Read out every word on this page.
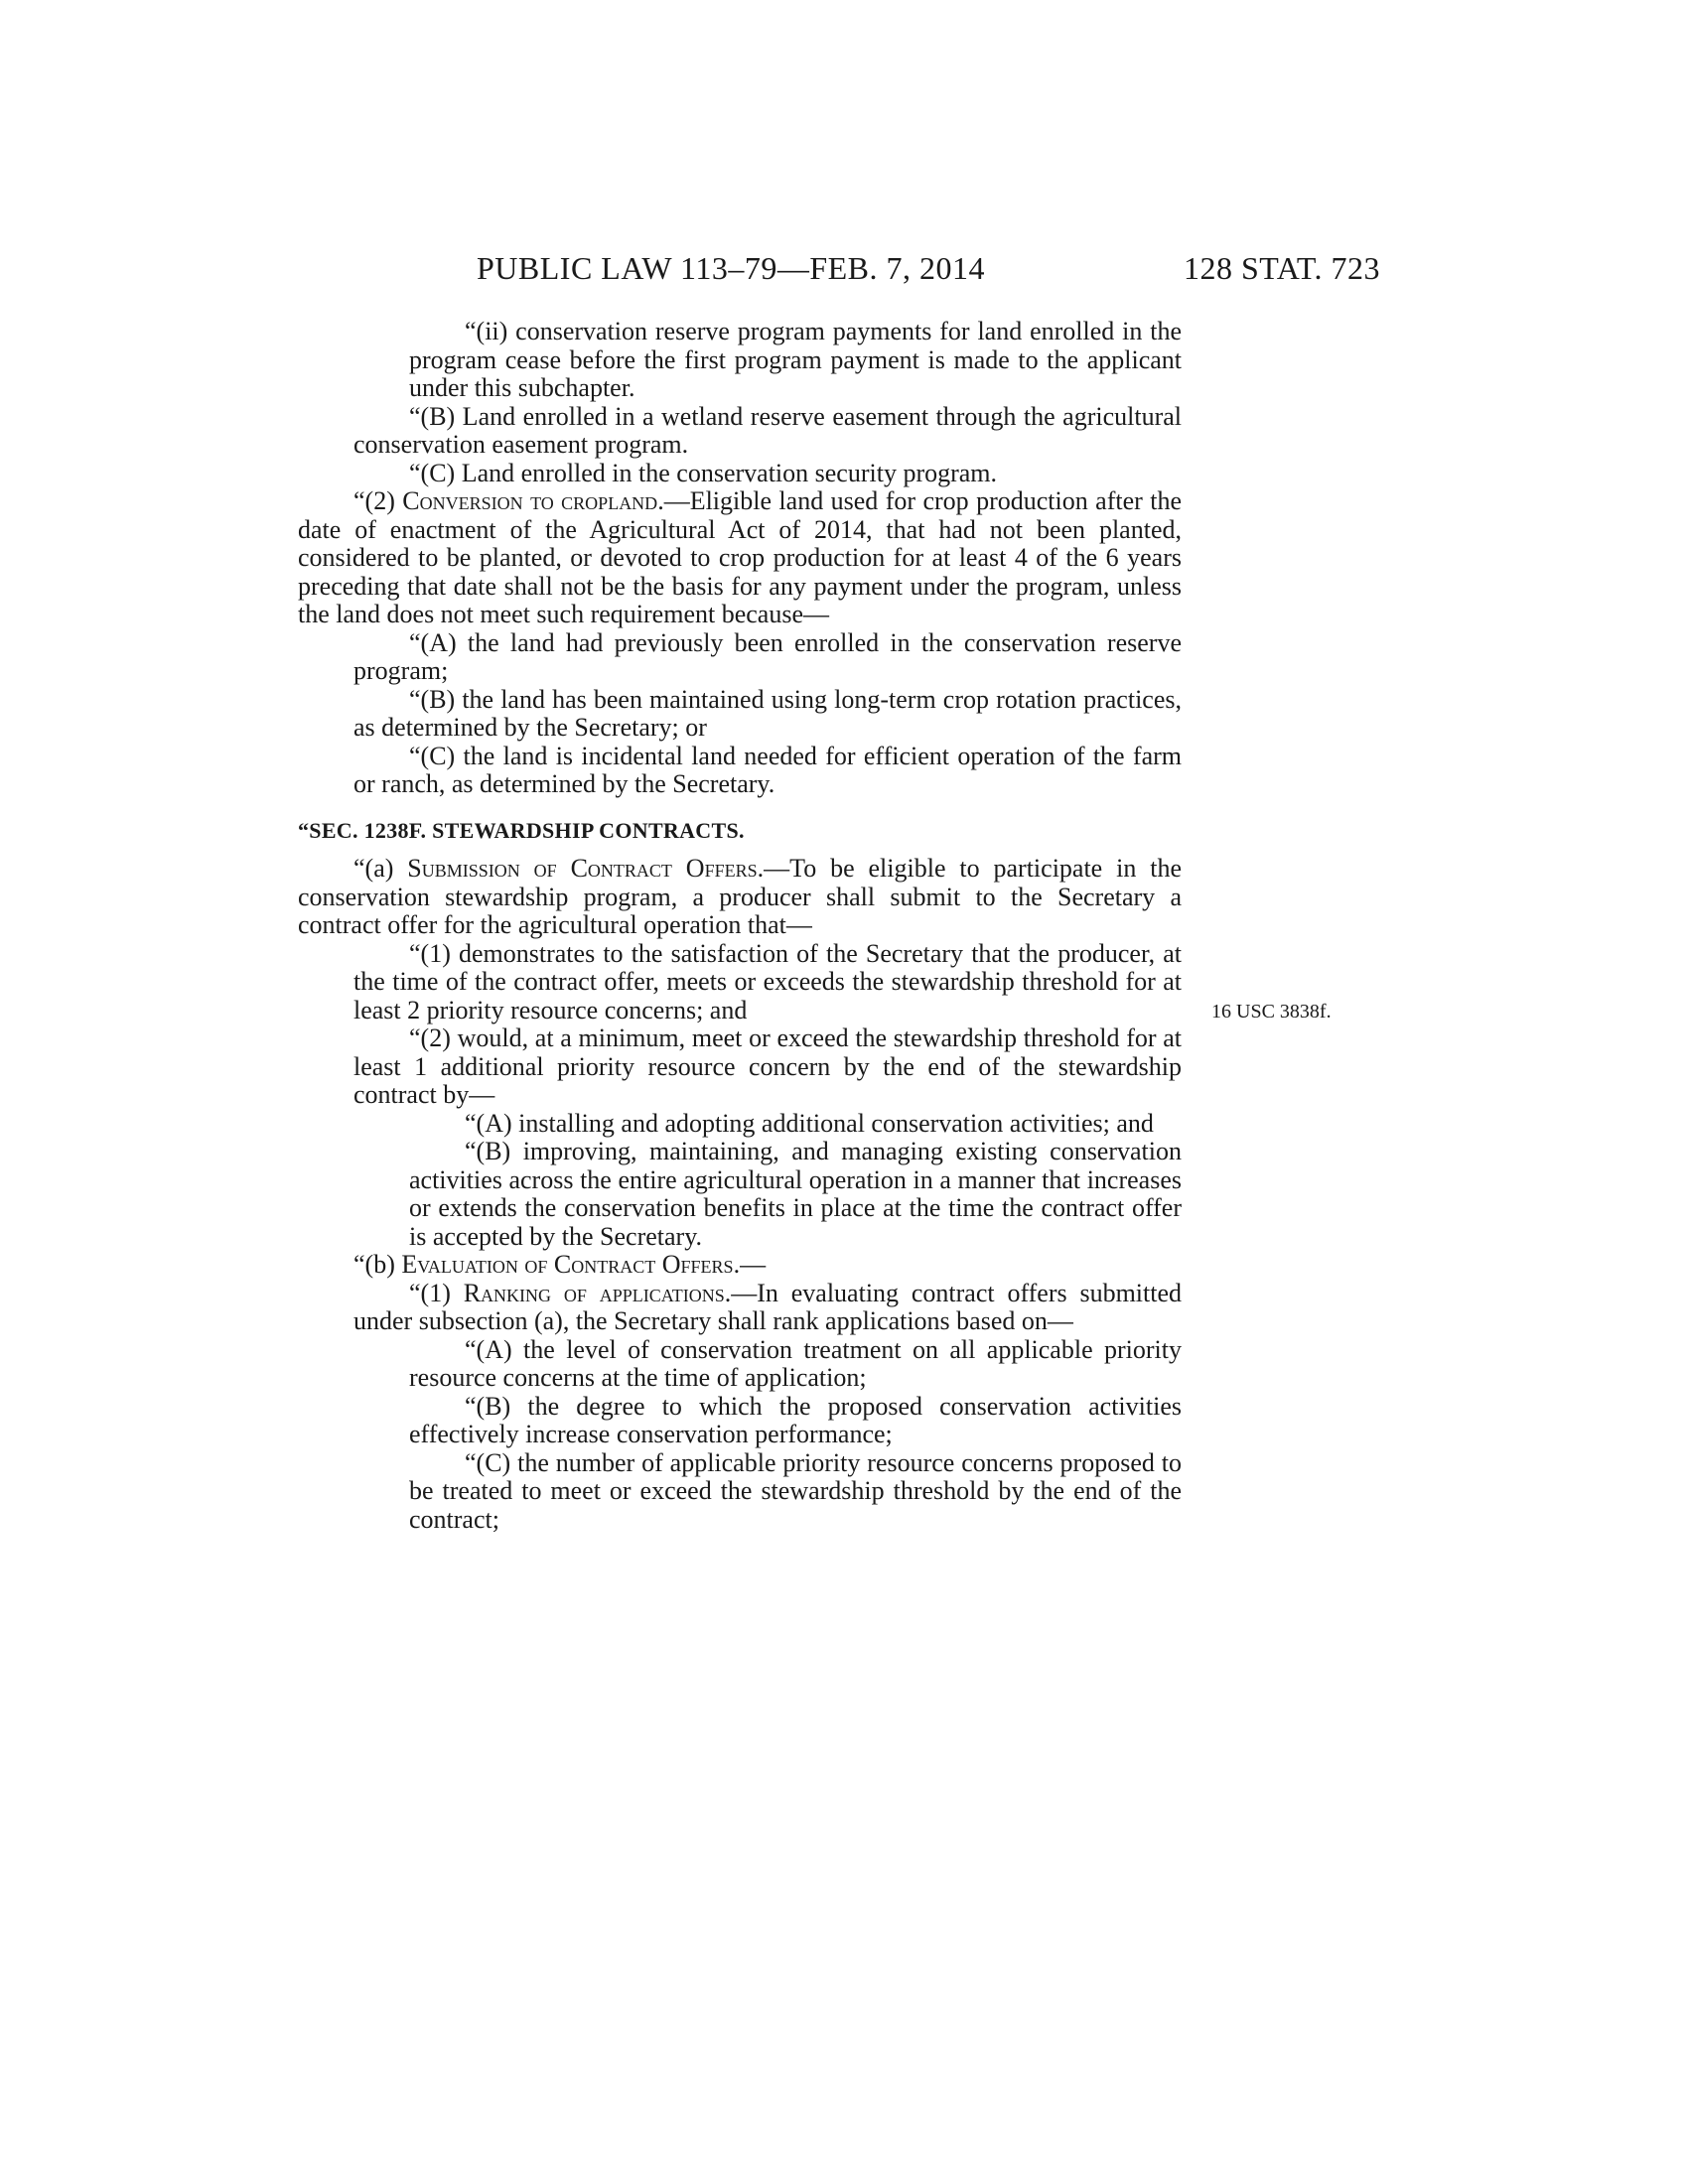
PUBLIC LAW 113–79—FEB. 7, 2014	128 STAT. 723
16 USC 3838f.

“(ii) conservation reserve program payments for land enrolled in the program cease before the first program payment is made to the applicant under this subchapter.

“(B) Land enrolled in a wetland reserve easement through the agricultural conservation easement program.

“(C) Land enrolled in the conservation security program.

“(2) Conversion to cropland.—Eligible land used for crop production after the date of enactment of the Agricultural Act of 2014, that had not been planted, considered to be planted, or devoted to crop production for at least 4 of the 6 years preceding that date shall not be the basis for any payment under the program, unless the land does not meet such requirement because—

“(A) the land had previously been enrolled in the conservation reserve program;

“(B) the land has been maintained using long-term crop rotation practices, as determined by the Secretary; or

“(C) the land is incidental land needed for efficient operation of the farm or ranch, as determined by the Secretary.

“SEC. 1238F. STEWARDSHIP CONTRACTS.

“(a) Submission of Contract Offers.—To be eligible to participate in the conservation stewardship program, a producer shall submit to the Secretary a contract offer for the agricultural operation that—

“(1) demonstrates to the satisfaction of the Secretary that the producer, at the time of the contract offer, meets or exceeds the stewardship threshold for at least 2 priority resource concerns; and

“(2) would, at a minimum, meet or exceed the stewardship threshold for at least 1 additional priority resource concern by the end of the stewardship contract by—

“(A) installing and adopting additional conservation activities; and

“(B) improving, maintaining, and managing existing conservation activities across the entire agricultural operation in a manner that increases or extends the conservation benefits in place at the time the contract offer is accepted by the Secretary.

“(b) Evaluation of Contract Offers.—

“(1) Ranking of applications.—In evaluating contract offers submitted under subsection (a), the Secretary shall rank applications based on—

“(A) the level of conservation treatment on all applicable priority resource concerns at the time of application;

“(B) the degree to which the proposed conservation activities effectively increase conservation performance;

“(C) the number of applicable priority resource concerns proposed to be treated to meet or exceed the stewardship threshold by the end of the contract;
